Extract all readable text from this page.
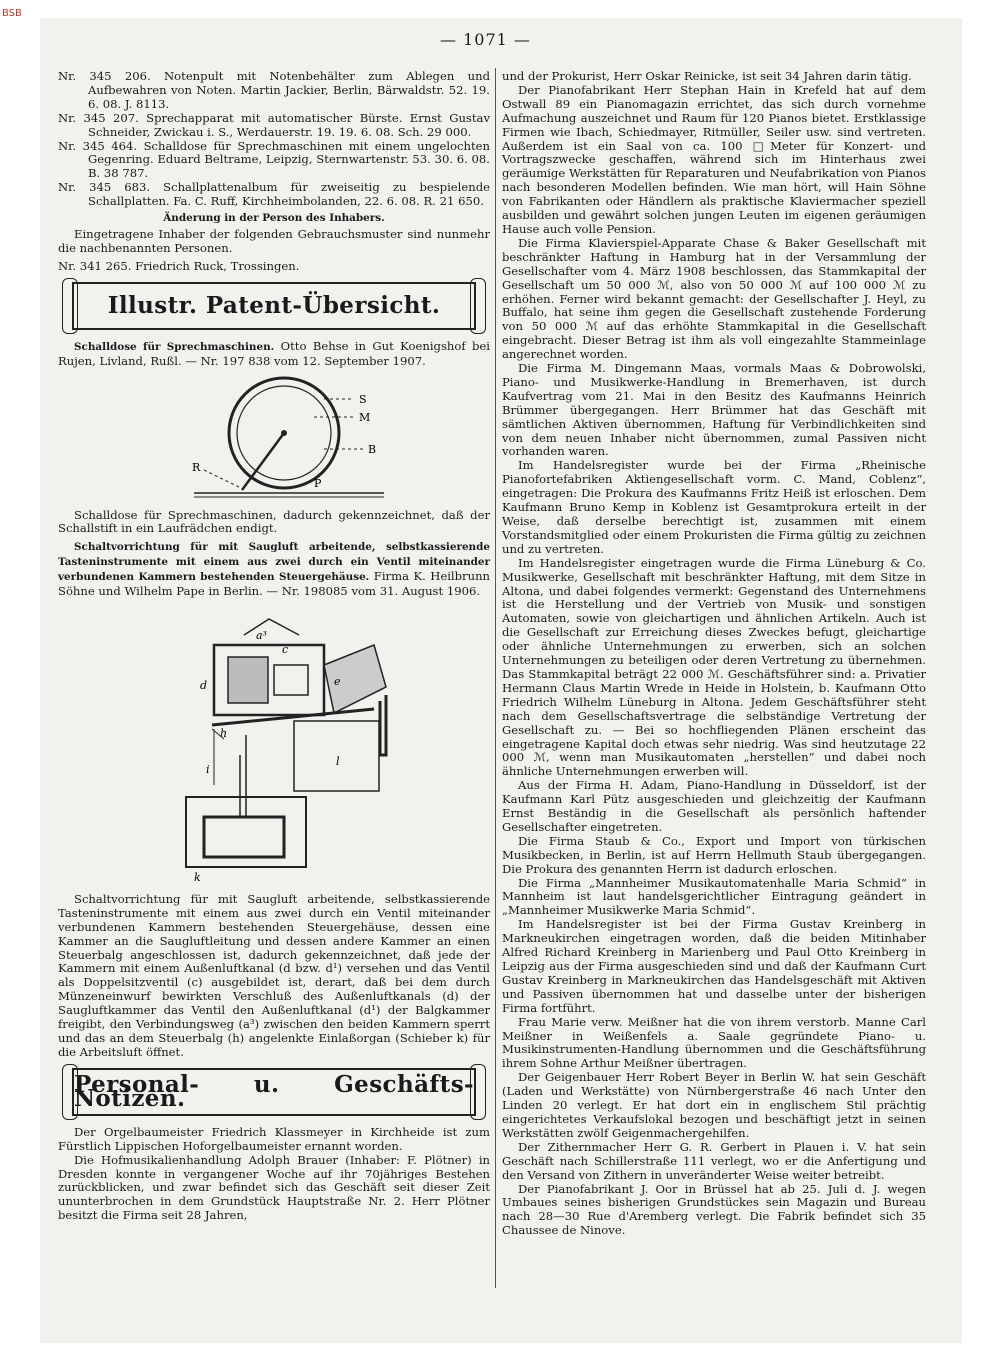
BSB
— 1071 —

Nr. 345 206. Notenpult mit Notenbehälter zum Ablegen und Aufbewahren von Noten. Martin Jackier, Berlin, Bärwaldstr. 52. 19. 6. 08. J. 8113.

Nr. 345 207. Sprechapparat mit automatischer Bürste. Ernst Gustav Schneider, Zwickau i. S., Werdauerstr. 19. 19. 6. 08. Sch. 29 000.

Nr. 345 464. Schalldose für Sprechmaschinen mit einem ungelochten Gegenring. Eduard Beltrame, Leipzig, Sternwartenstr. 53. 30. 6. 08. B. 38 787.

Nr. 345 683. Schallplattenalbum für zweiseitig zu bespielende Schallplatten. Fa. C. Ruff, Kirchheimbolanden, 22. 6. 08. R. 21 650.

Änderung in der Person des Inhabers.

Eingetragene Inhaber der folgenden Gebrauchsmuster sind nunmehr die nachbenannten Personen.

Nr. 341 265. Friedrich Ruck, Trossingen.

Illustr. Patent-Übersicht.

Schalldose für Sprechmaschinen. Otto Behse in Gut Koenigshof bei Rujen, Livland, Rußl. — Nr. 197 838 vom 12. September 1907.

S
M
B
R
P

Schalldose für Sprechmaschinen, dadurch gekennzeichnet, daß der Schallstift in ein Laufrädchen endigt.

Schaltvorrichtung für mit Saugluft arbeitende, selbstkassierende Tasteninstrumente mit einem aus zwei durch ein Ventil miteinander verbundenen Kammern bestehenden Steuergehäuse. Firma K. Heilbrunn Söhne und Wilhelm Pape in Berlin. — Nr. 198085 vom 31. August 1906.

a³
h
d
c
i
e
l
k

Schaltvorrichtung für mit Saugluft arbeitende, selbstkassierende Tasteninstrumente mit einem aus zwei durch ein Ventil miteinander verbundenen Kammern bestehenden Steuergehäuse, dessen eine Kammer an die Saugluftleitung und dessen andere Kammer an einen Steuerbalg angeschlossen ist, dadurch gekennzeichnet, daß jede der Kammern mit einem Außenluftkanal (d bzw. d¹) versehen und das Ventil als Doppelsitzventil (c) ausgebildet ist, derart, daß bei dem durch Münzeneinwurf bewirkten Verschluß des Außenluftkanals (d) der Saugluftkammer das Ventil den Außenluftkanal (d¹) der Balgkammer freigibt, den Verbindungsweg (a³) zwischen den beiden Kammern sperrt und das an dem Steuerbalg (h) angelenkte Einlaßorgan (Schieber k) für die Arbeitsluft öffnet.

Personal- u. Geschäfts-Notizen.

Der Orgelbaumeister Friedrich Klassmeyer in Kirchheide ist zum Fürstlich Lippischen Hoforgelbaumeister ernannt worden.

Die Hofmusikalienhandlung Adolph Brauer (Inhaber: F. Plötner) in Dresden konnte in vergangener Woche auf ihr 70jähriges Bestehen zurückblicken, und zwar befindet sich das Geschäft seit dieser Zeit ununterbrochen in dem Grundstück Hauptstraße Nr. 2. Herr Plötner besitzt die Firma seit 28 Jahren,

und der Prokurist, Herr Oskar Reinicke, ist seit 34 Jahren darin tätig.

Der Pianofabrikant Herr Stephan Hain in Krefeld hat auf dem Ostwall 89 ein Pianomagazin errichtet, das sich durch vornehme Aufmachung auszeichnet und Raum für 120 Pianos bietet. Erstklassige Firmen wie Ibach, Schiedmayer, Ritmüller, Seiler usw. sind vertreten. Außerdem ist ein Saal von ca. 100 □Meter für Konzert- und Vortragszwecke geschaffen, während sich im Hinterhaus zwei geräumige Werkstätten für Reparaturen und Neufabrikation von Pianos nach besonderen Modellen befinden. Wie man hört, will Hain Söhne von Fabrikanten oder Händlern als praktische Klaviermacher speziell ausbilden und gewährt solchen jungen Leuten im eigenen geräumigen Hause auch volle Pension.

Die Firma Klavierspiel-Apparate Chase & Baker Gesellschaft mit beschränkter Haftung in Hamburg hat in der Versammlung der Gesellschafter vom 4. März 1908 beschlossen, das Stammkapital der Gesellschaft um 50 000 ℳ, also von 50 000 ℳ auf 100 000 ℳ zu erhöhen. Ferner wird bekannt gemacht: der Gesellschafter J. Heyl, zu Buffalo, hat seine ihm gegen die Gesellschaft zustehende Forderung von 50 000 ℳ auf das erhöhte Stammkapital in die Gesellschaft eingebracht. Dieser Betrag ist ihm als voll eingezahlte Stammeinlage angerechnet worden.

Die Firma M. Dingemann Maas, vormals Maas & Dobrowolski, Piano- und Musikwerke-Handlung in Bremerhaven, ist durch Kaufvertrag vom 21. Mai in den Besitz des Kaufmanns Heinrich Brümmer übergegangen. Herr Brümmer hat das Geschäft mit sämtlichen Aktiven übernommen, Haftung für Verbindlichkeiten sind von dem neuen Inhaber nicht übernommen, zumal Passiven nicht vorhanden waren.

Im Handelsregister wurde bei der Firma „Rheinische Pianofortefabriken Aktiengesellschaft vorm. C. Mand, Coblenz“, eingetragen: Die Prokura des Kaufmanns Fritz Heiß ist erloschen. Dem Kaufmann Bruno Kemp in Koblenz ist Gesamtprokura erteilt in der Weise, daß derselbe berechtigt ist, zusammen mit einem Vorstandsmitglied oder einem Prokuristen die Firma gültig zu zeichnen und zu vertreten.

Im Handelsregister eingetragen wurde die Firma Lüneburg & Co. Musikwerke, Gesellschaft mit beschränkter Haftung, mit dem Sitze in Altona, und dabei folgendes vermerkt: Gegenstand des Unternehmens ist die Herstellung und der Vertrieb von Musik- und sonstigen Automaten, sowie von gleichartigen und ähnlichen Artikeln. Auch ist die Gesellschaft zur Erreichung dieses Zweckes befugt, gleichartige oder ähnliche Unternehmungen zu erwerben, sich an solchen Unternehmungen zu beteiligen oder deren Vertretung zu übernehmen. Das Stammkapital beträgt 22 000 ℳ. Geschäftsführer sind: a. Privatier Hermann Claus Martin Wrede in Heide in Holstein, b. Kaufmann Otto Friedrich Wilhelm Lüneburg in Altona. Jedem Geschäftsführer steht nach dem Gesellschaftsvertrage die selbständige Vertretung der Gesellschaft zu. — Bei so hochfliegenden Plänen erscheint das eingetragene Kapital doch etwas sehr niedrig. Was sind heutzutage 22 000 ℳ, wenn man Musikautomaten „herstellen“ und dabei noch ähnliche Unternehmungen erwerben will.

Aus der Firma H. Adam, Piano-Handlung in Düsseldorf, ist der Kaufmann Karl Pütz ausgeschieden und gleichzeitig der Kaufmann Ernst Beständig in die Gesellschaft als persönlich haftender Gesellschafter eingetreten.

Die Firma Staub & Co., Export und Import von türkischen Musikbecken, in Berlin, ist auf Herrn Hellmuth Staub übergegangen. Die Prokura des genannten Herrn ist dadurch erloschen.

Die Firma „Mannheimer Musikautomatenhalle Maria Schmid“ in Mannheim ist laut handelsgerichtlicher Eintragung geändert in „Mannheimer Musikwerke Maria Schmid“.

Im Handelsregister ist bei der Firma Gustav Kreinberg in Markneukirchen eingetragen worden, daß die beiden Mitinhaber Alfred Richard Kreinberg in Marienberg und Paul Otto Kreinberg in Leipzig aus der Firma ausgeschieden sind und daß der Kaufmann Curt Gustav Kreinberg in Markneukirchen das Handelsgeschäft mit Aktiven und Passiven übernommen hat und dasselbe unter der bisherigen Firma fortführt.

Frau Marie verw. Meißner hat die von ihrem verstorb. Manne Carl Meißner in Weißenfels a. Saale gegründete Piano- u. Musikinstrumenten-Handlung übernommen und die Geschäftsführung ihrem Sohne Arthur Meißner übertragen.

Der Geigenbauer Herr Robert Beyer in Berlin W. hat sein Geschäft (Laden und Werkstätte) von Nürnbergerstraße 46 nach Unter den Linden 20 verlegt. Er hat dort ein in englischem Stil prächtig eingerichtetes Verkaufslokal bezogen und beschäftigt jetzt in seinen Werkstätten zwölf Geigenmachergehilfen.

Der Zithernmacher Herr G. R. Gerbert in Plauen i. V. hat sein Geschäft nach Schillerstraße 111 verlegt, wo er die Anfertigung und den Versand von Zithern in unveränderter Weise weiter betreibt.

Der Pianofabrikant J. Oor in Brüssel hat ab 25. Juli d. J. wegen Umbaues seines bisherigen Grundstückes sein Magazin und Bureau nach 28—30 Rue d'Aremberg verlegt. Die Fabrik befindet sich 35 Chaussee de Ninove.
